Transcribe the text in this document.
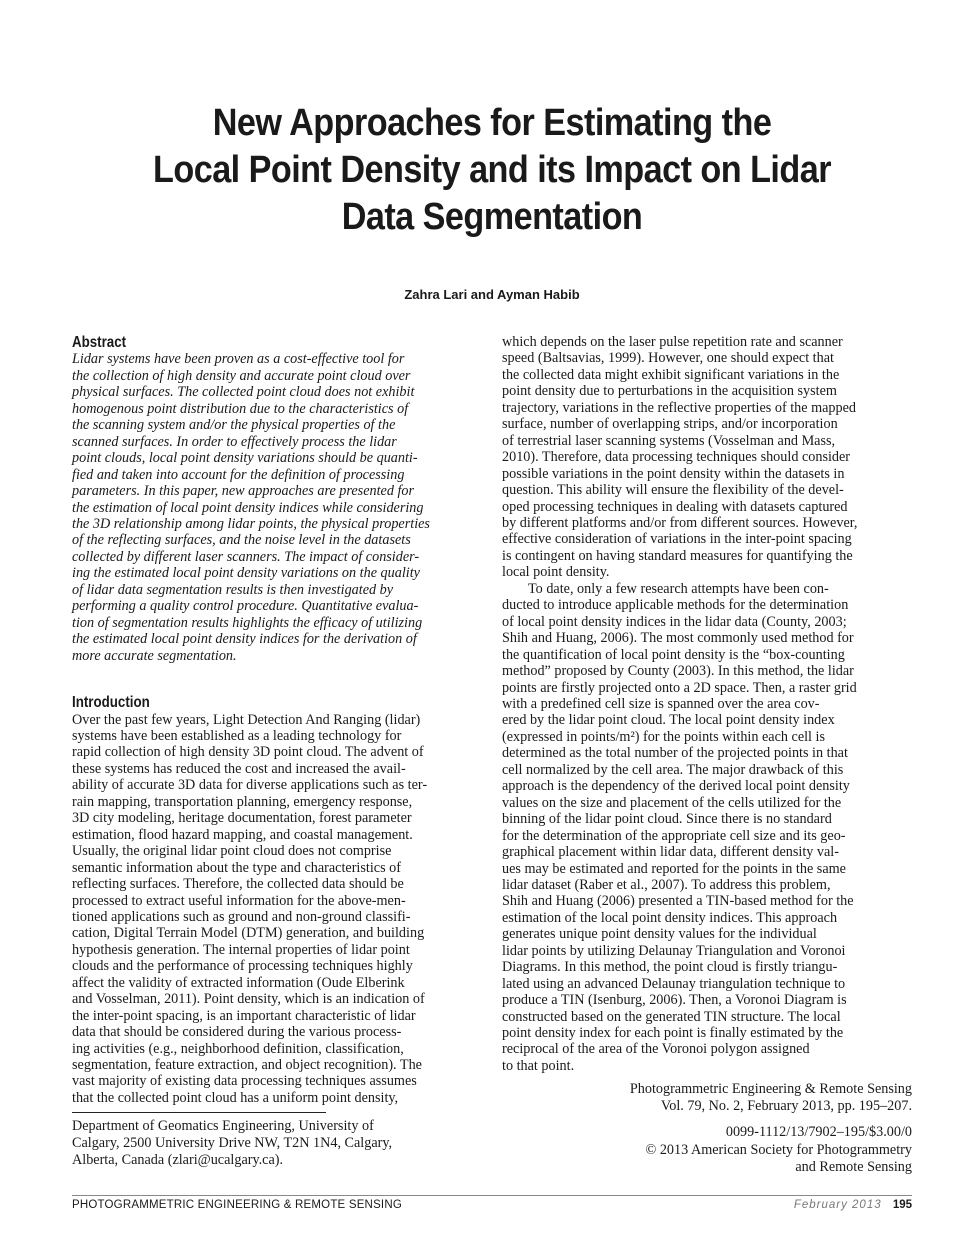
New Approaches for Estimating the
Local Point Density and its Impact on Lidar
Data Segmentation
Zahra Lari and Ayman Habib
Abstract
Lidar systems have been proven as a cost-effective tool for
the collection of high density and accurate point cloud over
physical surfaces. The collected point cloud does not exhibit
homogenous point distribution due to the characteristics of
the scanning system and/or the physical properties of the
scanned surfaces. In order to effectively process the lidar
point clouds, local point density variations should be quanti-
fied and taken into account for the definition of processing
parameters. In this paper, new approaches are presented for
the estimation of local point density indices while considering
the 3D relationship among lidar points, the physical properties
of the reflecting surfaces, and the noise level in the datasets
collected by different laser scanners. The impact of consider-
ing the estimated local point density variations on the quality
of lidar data segmentation results is then investigated by
performing a quality control procedure. Quantitative evalua-
tion of segmentation results highlights the efficacy of utilizing
the estimated local point density indices for the derivation of
more accurate segmentation.
Introduction
Over the past few years, Light Detection And Ranging (lidar)
systems have been established as a leading technology for
rapid collection of high density 3D point cloud. The advent of
these systems has reduced the cost and increased the avail-
ability of accurate 3D data for diverse applications such as ter-
rain mapping, transportation planning, emergency response,
3D city modeling, heritage documentation, forest parameter
estimation, flood hazard mapping, and coastal management.
Usually, the original lidar point cloud does not comprise
semantic information about the type and characteristics of
reflecting surfaces. Therefore, the collected data should be
processed to extract useful information for the above-men-
tioned applications such as ground and non-ground classifi-
cation, Digital Terrain Model (DTM) generation, and building
hypothesis generation. The internal properties of lidar point
clouds and the performance of processing techniques highly
affect the validity of extracted information (Oude Elberink
and Vosselman, 2011). Point density, which is an indication of
the inter-point spacing, is an important characteristic of lidar
data that should be considered during the various process-
ing activities (e.g., neighborhood definition, classification,
segmentation, feature extraction, and object recognition). The
vast majority of existing data processing techniques assumes
that the collected point cloud has a uniform point density,
which depends on the laser pulse repetition rate and scanner
speed (Baltsavias, 1999). However, one should expect that
the collected data might exhibit significant variations in the
point density due to perturbations in the acquisition system
trajectory, variations in the reflective properties of the mapped
surface, number of overlapping strips, and/or incorporation
of terrestrial laser scanning systems (Vosselman and Mass,
2010). Therefore, data processing techniques should consider
possible variations in the point density within the datasets in
question. This ability will ensure the flexibility of the devel-
oped processing techniques in dealing with datasets captured
by different platforms and/or from different sources. However,
effective consideration of variations in the inter-point spacing
is contingent on having standard measures for quantifying the
local point density.
To date, only a few research attempts have been con-
ducted to introduce applicable methods for the determination
of local point density indices in the lidar data (County, 2003;
Shih and Huang, 2006). The most commonly used method for
the quantification of local point density is the “box-counting
method” proposed by County (2003). In this method, the lidar
points are firstly projected onto a 2D space. Then, a raster grid
with a predefined cell size is spanned over the area cov-
ered by the lidar point cloud. The local point density index
(expressed in points/m²) for the points within each cell is
determined as the total number of the projected points in that
cell normalized by the cell area. The major drawback of this
approach is the dependency of the derived local point density
values on the size and placement of the cells utilized for the
binning of the lidar point cloud. Since there is no standard
for the determination of the appropriate cell size and its geo-
graphical placement within lidar data, different density val-
ues may be estimated and reported for the points in the same
lidar dataset (Raber et al., 2007). To address this problem,
Shih and Huang (2006) presented a TIN-based method for the
estimation of the local point density indices. This approach
generates unique point density values for the individual
lidar points by utilizing Delaunay Triangulation and Voronoi
Diagrams. In this method, the point cloud is firstly triangu-
lated using an advanced Delaunay triangulation technique to
produce a TIN (Isenburg, 2006). Then, a Voronoi Diagram is
constructed based on the generated TIN structure. The local
point density index for each point is finally estimated by the
reciprocal of the area of the Voronoi polygon assigned
to that point.
Photogrammetric Engineering & Remote Sensing
Vol. 79, No. 2, February 2013, pp. 195–207.
0099-1112/13/7902–195/$3.00/0
© 2013 American Society for Photogrammetry
and Remote Sensing
Department of Geomatics Engineering, University of
Calgary, 2500 University Drive NW, T2N 1N4, Calgary,
Alberta, Canada (zlari@ucalgary.ca).
PHOTOGRAMMETRIC ENGINEERING & REMOTE SENSING	February 2013 195
